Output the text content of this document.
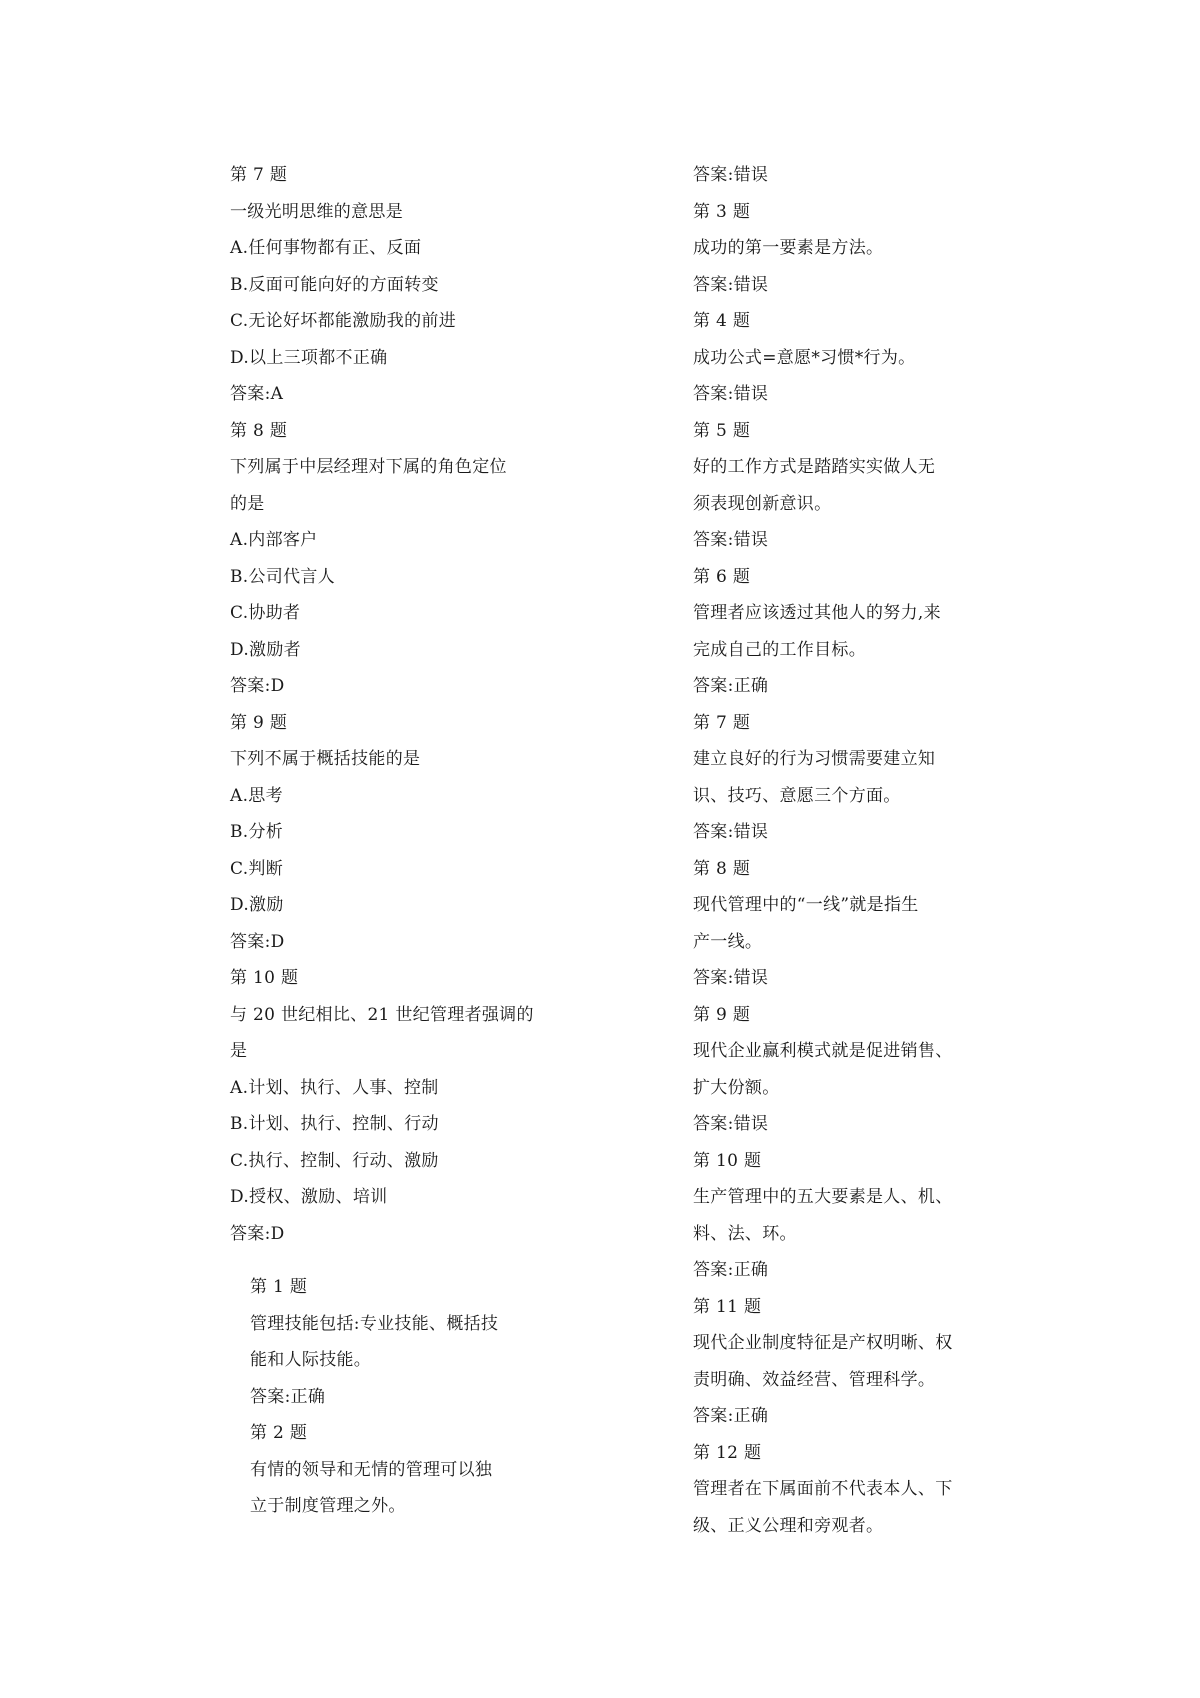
第 7 题
一级光明思维的意思是
A.任何事物都有正、反面
B.反面可能向好的方面转变
C.无论好坏都能激励我的前进
D.以上三项都不正确
答案:A
第 8 题
下列属于中层经理对下属的角色定位
的是
A.内部客户
B.公司代言人
C.协助者
D.激励者
答案:D
第 9 题
下列不属于概括技能的是
A.思考
B.分析
C.判断
D.激励
答案:D
第 10 题
与 20 世纪相比、21 世纪管理者强调的
是
A.计划、执行、人事、控制
B.计划、执行、控制、行动
C.执行、控制、行动、激励
D.授权、激励、培训
答案:D
第 1 题
管理技能包括:专业技能、概括技
能和人际技能。
答案:正确
第 2 题
有情的领导和无情的管理可以独
立于制度管理之外。
答案:错误
第 3 题
成功的第一要素是方法。
答案:错误
第 4 题
成功公式=意愿*习惯*行为。
答案:错误
第 5 题
好的工作方式是踏踏实实做人无
须表现创新意识。
答案:错误
第 6 题
管理者应该透过其他人的努力,来
完成自己的工作目标。
答案:正确
第 7 题
建立良好的行为习惯需要建立知
识、技巧、意愿三个方面。
答案:错误
第 8 题
现代管理中的“一线”就是指生
产一线。
答案:错误
第 9 题
现代企业赢利模式就是促进销售、
扩大份额。
答案:错误
第 10 题
生产管理中的五大要素是人、机、
料、法、环。
答案:正确
第 11 题
现代企业制度特征是产权明晰、权
责明确、效益经营、管理科学。
答案:正确
第 12 题
管理者在下属面前不代表本人、下
级、正义公理和旁观者。
